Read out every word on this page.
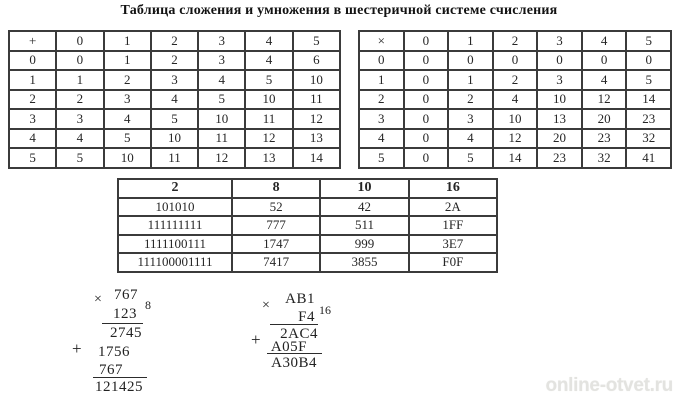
Таблица сложения и умножения в шестеричной системе счисления
+	0	1	2	3	4	5
0	0	1	2	3	4	6
1	1	2	3	4	5	10
2	2	3	4	5	10	11
3	3	4	5	10	11	12
4	4	5	10	11	12	13
5	5	10	11	12	13	14
×	0	1	2	3	4	5
0	0	0	0	0	0	0
1	0	1	2	3	4	5
2	0	2	4	10	12	14
3	0	3	10	13	20	23
4	0	4	12	20	23	32
5	0	5	14	23	32	41
2	8	10	16
101010	52	42	2A
111111111	777	511	1FF
1111100111	1747	999	3E7
111100001111	7417	3855	F0F
× 767
8
123
2745
+ 1756
767
121425
× AB1
16
F4
2AC4
+ A05F
A30B4
online-otvet.ru
